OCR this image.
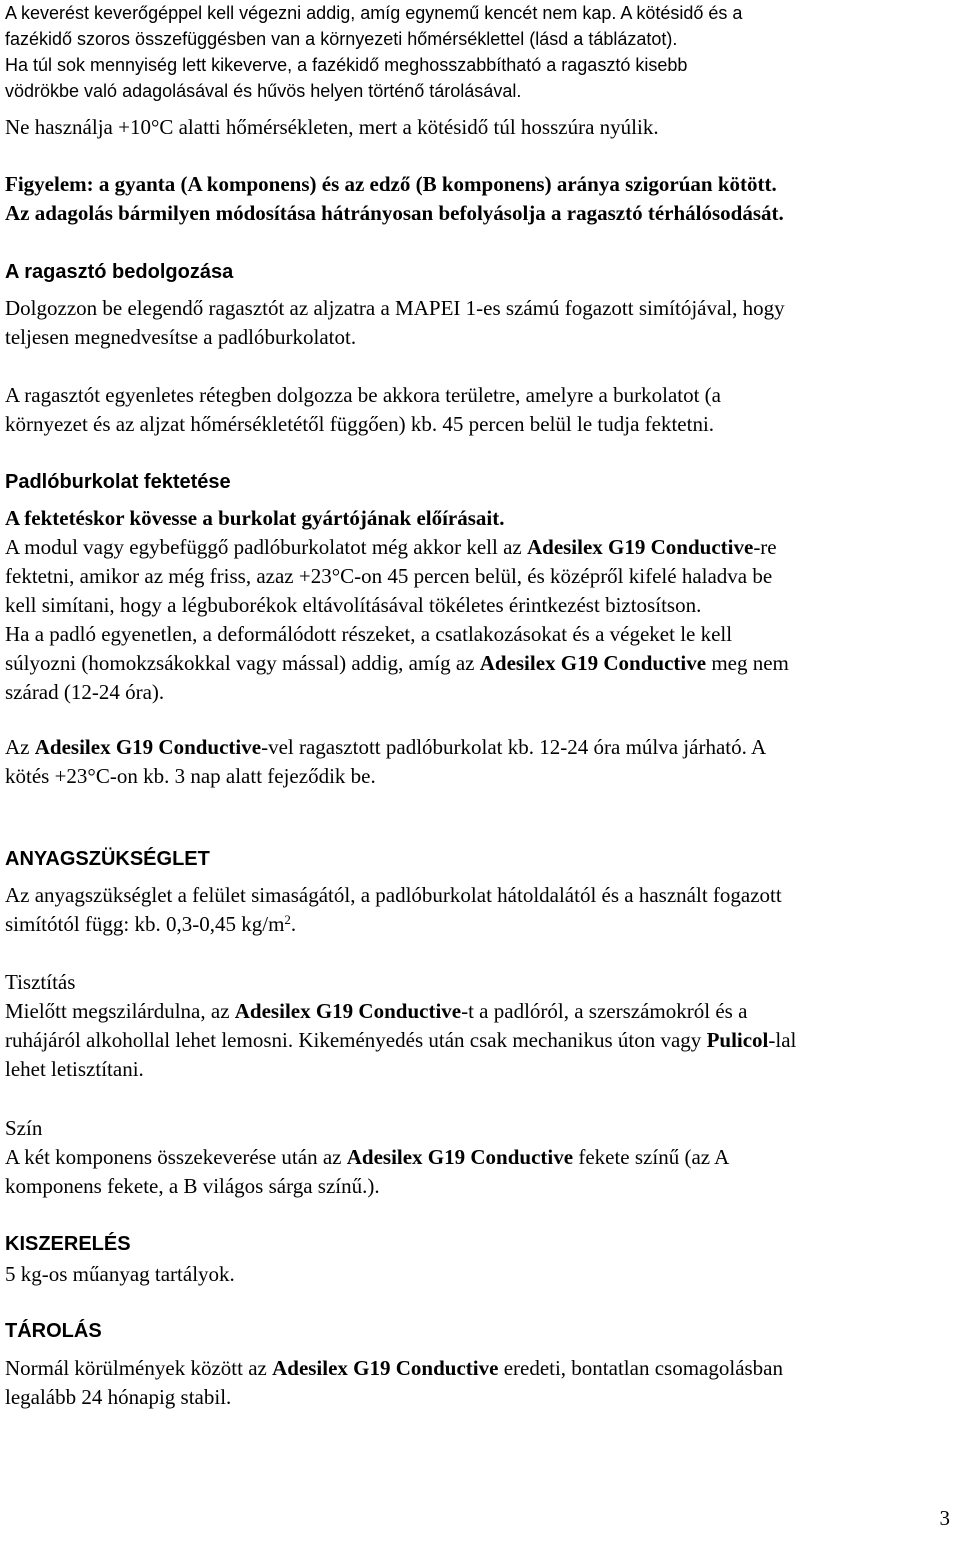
A keverést keverőgéppel kell végezni addig, amíg egynemű kencét nem kap. A kötésidő és a
fazékidő szoros összefüggésben van a környezeti hőmérséklettel (lásd a táblázatot).
Ha túl sok mennyiség lett kikeverve, a fazékidő meghosszabbítható a ragasztó kisebb
vödrökbe való adagolásával és hűvös helyen történő tárolásával.
Ne használja +10°C alatti hőmérsékleten, mert a kötésidő túl hosszúra nyúlik.
Figyelem: a gyanta (A komponens) és az edző (B komponens) aránya szigorúan kötött.
Az adagolás bármilyen módosítása hátrányosan befolyásolja a ragasztó térhálósodását.
A ragasztó bedolgozása
Dolgozzon be elegendő ragasztót az aljzatra a MAPEI 1-es számú fogazott simítójával, hogy
teljesen megnedvesítse a padlóburkolatot.
A ragasztót egyenletes rétegben dolgozza be akkora területre, amelyre a burkolatot (a
környezet és az aljzat hőmérsékletétől függően) kb. 45 percen belül le tudja fektetni.
Padlóburkolat fektetése
A fektetéskor kövesse a burkolat gyártójának előírásait.
A modul vagy egybefüggő padlóburkolatot még akkor kell az Adesilex G19 Conductive-re
fektetni, amikor az még friss, azaz +23°C-on 45 percen belül, és középről kifelé haladva be
kell simítani, hogy a légbuborékok eltávolításával tökéletes érintkezést biztosítson.
Ha a padló egyenetlen, a deformálódott részeket, a csatlakozásokat és a végeket le kell
súlyozni (homokzsákokkal vagy mással) addig, amíg az Adesilex G19 Conductive meg nem
szárad (12-24 óra).
Az Adesilex G19 Conductive-vel ragasztott padlóburkolat kb. 12-24 óra múlva járható. A
kötés +23°C-on kb. 3 nap alatt fejeződik be.
ANYAGSZÜKSÉGLET
Az anyagszükséglet a felület simaságától, a padlóburkolat hátoldalától és a használt fogazott
simítótól függ: kb. 0,3-0,45 $kg/m^2$.
Tisztítás
Mielőtt megszilárdulna, az Adesilex G19 Conductive-t a padlóról, a szerszámokról és a
ruhájáról alkohollal lehet lemosni. Kikeményedés után csak mechanikus úton vagy Pulicol-lal
lehet letisztítani.
Szín
A két komponens összekeverése után az Adesilex G19 Conductive fekete színű (az A
komponens fekete, a B világos sárga színű.).
KISZERELÉS
5 kg-os műanyag tartályok.
TÁROLÁS
Normál körülmények között az Adesilex G19 Conductive eredeti, bontatlan csomagolásban
legalább 24 hónapig stabil.
3
